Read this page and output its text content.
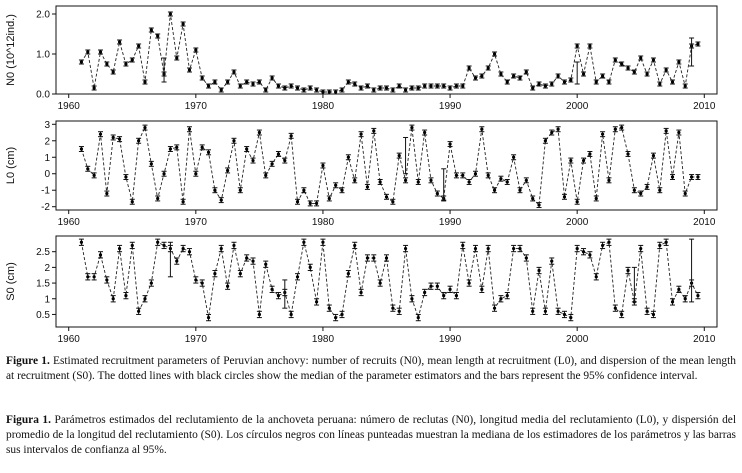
0.0
1.0
2.0
1960	1970	1980	1990	2000	2010
N0 (10^12ind.)
-2
-1
0
1
2
3
1960	1970	1980	1990	2000	2010
L0 (cm)
0.5
1
1.5
2
2.5
1960	1970	1980	1990	2000	2010
S0 (cm)
Figure 1. Estimated recruitment parameters of Peruvian anchovy: number of recruits (N0), mean length at recruitment (L0), and dispersion of the mean length at recruitment (S0). The dotted lines with black circles show the median of the parameter estimators and the bars represent the 95% confidence interval.
Figura 1. Parámetros estimados del reclutamiento de la anchoveta peruana: número de reclutas (N0), longitud media del reclutamiento (L0), y dispersión del promedio de la longitud del reclutamiento (S0). Los círculos negros con líneas punteadas muestran la mediana de los estimadores de los parámetros y las barras sus intervalos de confianza al 95%.
